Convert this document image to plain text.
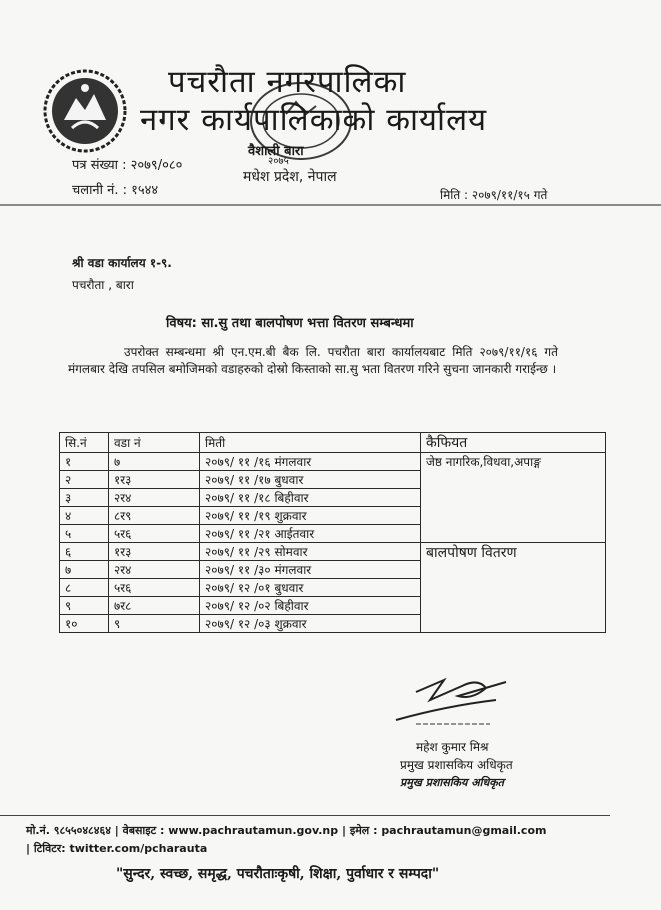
पचरौता नगरपालिका
नगर कार्यपालिकाको कार्यालय
वैशाली बारा
२०७५
मधेश प्रदेश, नेपाल
पत्र संख्या : २०७९/०८०
चलानी नं. : १५४४	मिति : २०७९/११/१५ गते
श्री वडा कार्यालय १-९.
पचरौता , बारा
विषय: सा.सु तथा बालपोषण भत्ता वितरण सम्बन्धमा
उपरोक्त सम्बन्धमा श्री एन.एम.बी बैक लि. पचरौता बारा कार्यालयबाट मिति २०७९/११/१६ गते मंगलबार देखि तपसिल बमोजिमको वडाहरुको दोस्रो किस्ताको सा.सु भता वितरण गरिने सुचना जानकारी गराईन्छ ।
सि.नं	वडा नं	मिती	कैफियत
१	७	२०७९/ ११ /१६ मंगलवार	जेष्ठ नागरिक,विधवा,अपाङ्ग
२	१र३	२०७९/ ११ /१७ बुधवार	
३	२र४	२०७९/ ११ /१८ बिहीवार	
४	८र९	२०७९/ ११ /१९ शुक्रवार	
५	५र६	२०७९/ ११ /२१ आईतवार	
६	१र३	२०७९/ ११ /२९ सोमवार	बालपोषण वितरण
७	२र४	२०७९/ ११ /३० मंगलवार	
८	५र६	२०७९/ १२ /०१ बुधवार	
९	७र८	२०७९/ १२ /०२ बिहीवार	
१०	९	२०७९/ १२ /०३ शुक्रवार	
महेश कुमार मिश्र
प्रमुख प्रशासकिय अधिकृत
प्रमुख प्रशासकिय अधिकृत
मो.नं. ९८५५०४८४६४ | वेबसाइट : www.pachrautamun.gov.np | इमेल : pachrautamun@gmail.com
| टिविटर: twitter.com/pcharauta
"सुन्दर, स्वच्छ, समृद्ध, पचरौताःकृषी, शिक्षा, पुर्वाधार र सम्पदा"
